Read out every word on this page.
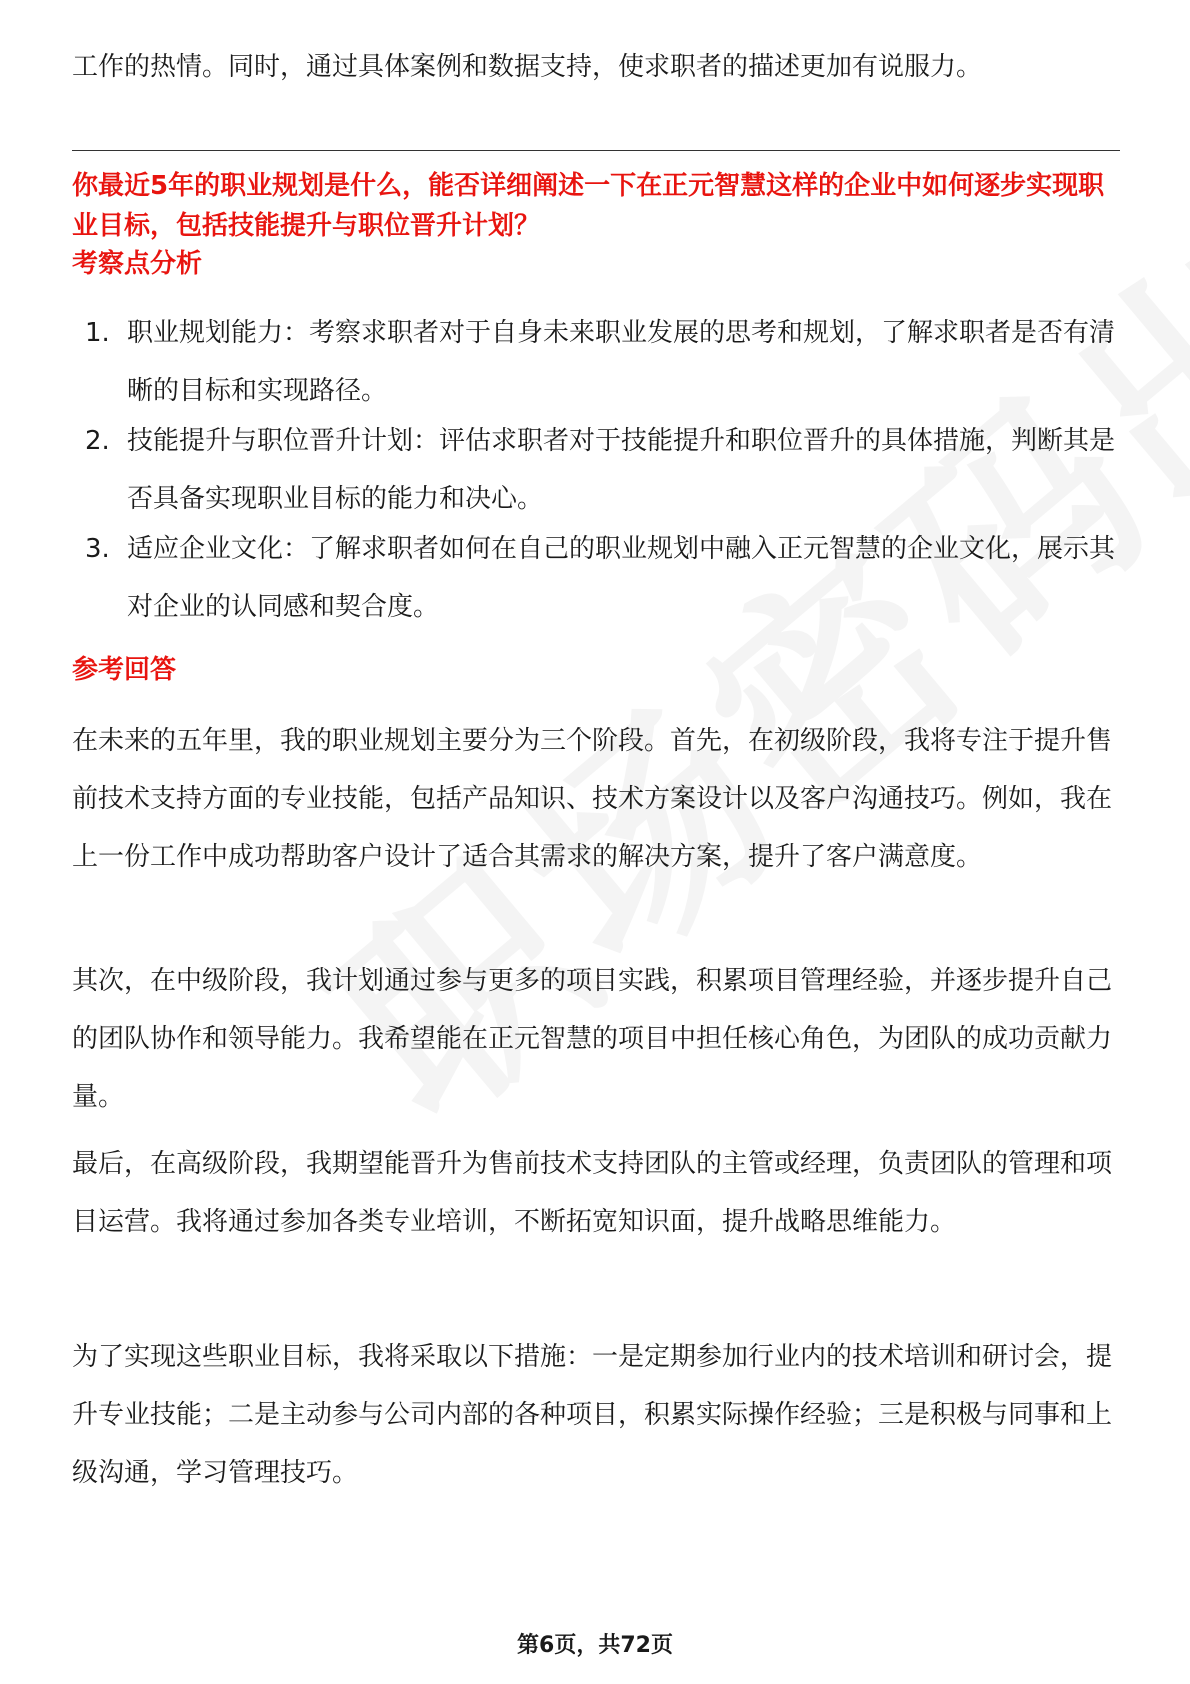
工作的热情。同时，通过具体案例和数据支持，使求职者的描述更加有说服力。

你最近5年的职业规划是什么，能否详细阐述一下在正元智慧这样的企业中如何逐步实现职业目标，包括技能提升与职位晋升计划？

考察点分析
1. 职业规划能力：考察求职者对于自身未来职业发展的思考和规划，了解求职者是否有清晰的目标和实现路径。
2. 技能提升与职位晋升计划：评估求职者对于技能提升和职位晋升的具体措施，判断其是否具备实现职业目标的能力和决心。
3. 适应企业文化：了解求职者如何在自己的职业规划中融入正元智慧的企业文化，展示其对企业的认同感和契合度。
参考回答

在未来的五年里，我的职业规划主要分为三个阶段。首先，在初级阶段，我将专注于提升售前技术支持方面的专业技能，包括产品知识、技术方案设计以及客户沟通技巧。例如，我在上一份工作中成功帮助客户设计了适合其需求的解决方案，提升了客户满意度。

其次，在中级阶段，我计划通过参与更多的项目实践，积累项目管理经验，并逐步提升自己的团队协作和领导能力。我希望能在正元智慧的项目中担任核心角色，为团队的成功贡献力量。

最后，在高级阶段，我期望能晋升为售前技术支持团队的主管或经理，负责团队的管理和项目运营。我将通过参加各类专业培训，不断拓宽知识面，提升战略思维能力。

为了实现这些职业目标，我将采取以下措施：一是定期参加行业内的技术培训和研讨会，提升专业技能；二是主动参与公司内部的各种项目，积累实际操作经验；三是积极与同事和上级沟通，学习管理技巧。

第6页，共72页
